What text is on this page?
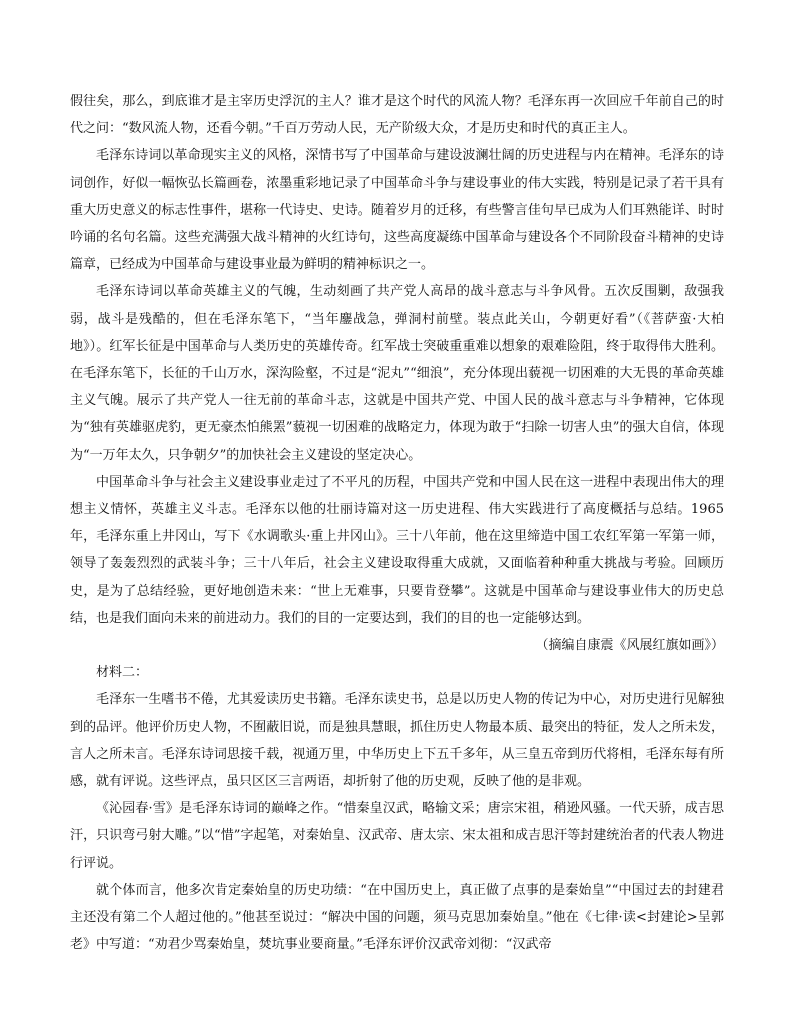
假往矣，那么，到底谁才是主宰历史浮沉的主人？谁才是这个时代的风流人物？毛泽东再一次回应千年前自己的时代之问：“数风流人物，还看今朝。”千百万劳动人民，无产阶级大众，才是历史和时代的真正主人。

毛泽东诗词以革命现实主义的风格，深情书写了中国革命与建设波澜壮阔的历史进程与内在精神。毛泽东的诗词创作，好似一幅恢弘长篇画卷，浓墨重彩地记录了中国革命斗争与建设事业的伟大实践，特别是记录了若干具有重大历史意义的标志性事件，堪称一代诗史、史诗。随着岁月的迁移，有些警言佳句早已成为人们耳熟能详、时时吟诵的名句名篇。这些充满强大战斗精神的火红诗句，这些高度凝练中国革命与建设各个不同阶段奋斗精神的史诗篇章，已经成为中国革命与建设事业最为鲜明的精神标识之一。

毛泽东诗词以革命英雄主义的气魄，生动刻画了共产党人高昂的战斗意志与斗争风骨。五次反围剿，敌强我弱，战斗是残酷的，但在毛泽东笔下，“当年鏖战急，弹洞村前壁。装点此关山，今朝更好看”（《菩萨蛮·大柏地》）。红军长征是中国革命与人类历史的英雄传奇。红军战士突破重重难以想象的艰难险阻，终于取得伟大胜利。在毛泽东笔下，长征的千山万水，深沟险壑，不过是“泥丸”“细浪”，充分体现出藐视一切困难的大无畏的革命英雄主义气魄。展示了共产党人一往无前的革命斗志，这就是中国共产党、中国人民的战斗意志与斗争精神，它体现为“独有英雄驱虎豹，更无豪杰怕熊罴”藐视一切困难的战略定力，体现为敢于“扫除一切害人虫”的强大自信，体现为“一万年太久，只争朝夕”的加快社会主义建设的坚定决心。

中国革命斗争与社会主义建设事业走过了不平凡的历程，中国共产党和中国人民在这一进程中表现出伟大的理想主义情怀，英雄主义斗志。毛泽东以他的壮丽诗篇对这一历史进程、伟大实践进行了高度概括与总结。1965 年，毛泽东重上井冈山，写下《水调歌头·重上井冈山》。三十八年前，他在这里缔造中国工农红军第一军第一师，领导了轰轰烈烈的武装斗争；三十八年后，社会主义建设取得重大成就，又面临着种种重大挑战与考验。回顾历史，是为了总结经验，更好地创造未来：“世上无难事，只要肯登攀”。这就是中国革命与建设事业伟大的历史总结，也是我们面向未来的前进动力。我们的目的一定要达到，我们的目的也一定能够达到。

（摘编自康震《风展红旗如画》）

材料二：

毛泽东一生嗜书不倦，尤其爱读历史书籍。毛泽东读史书，总是以历史人物的传记为中心，对历史进行见解独到的品评。他评价历史人物，不囿蔽旧说，而是独具慧眼，抓住历史人物最本质、最突出的特征，发人之所未发，言人之所未言。毛泽东诗词思接千载，视通万里，中华历史上下五千多年，从三皇五帝到历代将相，毛泽东每有所感，就有评说。这些评点，虽只区区三言两语，却折射了他的历史观，反映了他的是非观。

《沁园春·雪》是毛泽东诗词的巅峰之作。“惜秦皇汉武，略输文采；唐宗宋祖，稍逊风骚。一代天骄，成吉思汗，只识弯弓射大雕。”以“惜”字起笔，对秦始皇、汉武帝、唐太宗、宋太祖和成吉思汗等封建统治者的代表人物进行评说。

就个体而言，他多次肯定秦始皇的历史功绩：“在中国历史上，真正做了点事的是秦始皇”“中国过去的封建君主还没有第二个人超过他的。”他甚至说过：“解决中国的问题，须马克思加秦始皇。”他在《七律·读<封建论>呈郭老》中写道：“劝君少骂秦始皇，焚坑事业要商量。”毛泽东评价汉武帝刘彻：“汉武帝
